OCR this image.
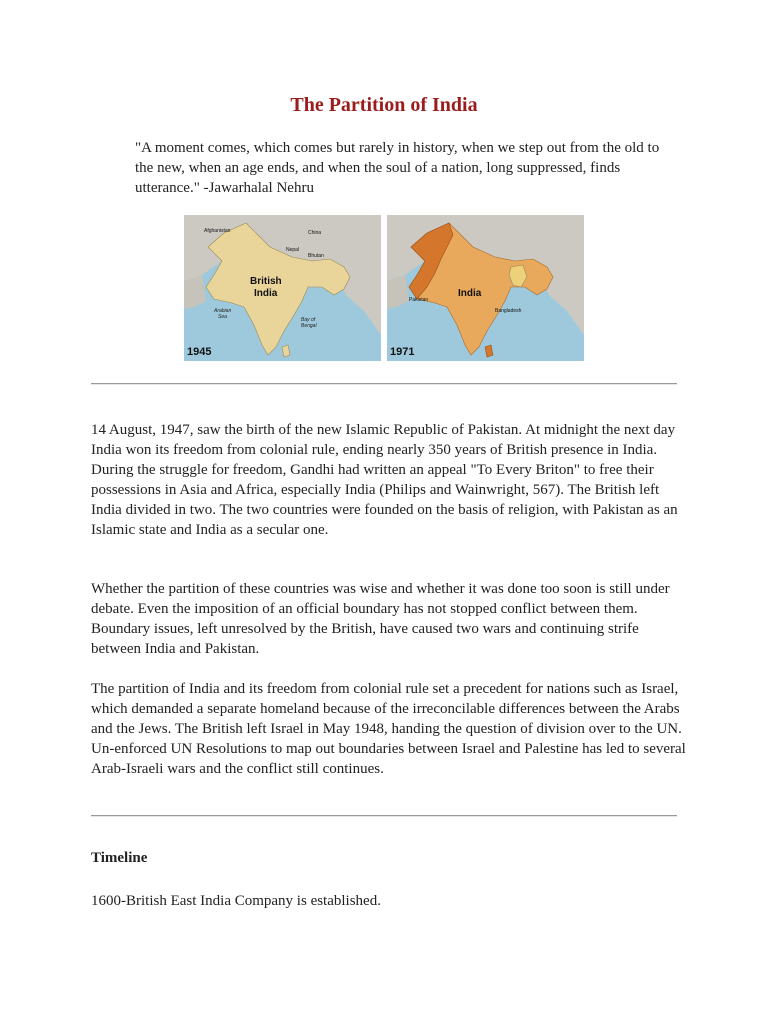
The Partition of India

"A moment comes, which comes but rarely in history, when we step out from the old to the new, when an age ends, and when the soul of a nation, long suppressed, finds utterance." -Jawarhalal Nehru

Afghanistan	China
Nepal
Bhutan
British
India
Arabian
Sea	Bay of
Bengal
1945
India
Pakistan
Bangladesh
1971

14 August, 1947, saw the birth of the new Islamic Republic of Pakistan. At midnight the next day India won its freedom from colonial rule, ending nearly 350 years of British presence in India. During the struggle for freedom, Gandhi had written an appeal "To Every Briton" to free their possessions in Asia and Africa, especially India (Philips and Wainwright, 567). The British left India divided in two. The two countries were founded on the basis of religion, with Pakistan as an Islamic state and India as a secular one.

Whether the partition of these countries was wise and whether it was done too soon is still under debate. Even the imposition of an official boundary has not stopped conflict between them. Boundary issues, left unresolved by the British, have caused two wars and continuing strife between India and Pakistan.

The partition of India and its freedom from colonial rule set a precedent for nations such as Israel, which demanded a separate homeland because of the irreconcilable differences between the Arabs and the Jews. The British left Israel in May 1948, handing the question of division over to the UN. Un-enforced UN Resolutions to map out boundaries between Israel and Palestine has led to several Arab-Israeli wars and the conflict still continues.

Timeline

1600-British East India Company is established.
